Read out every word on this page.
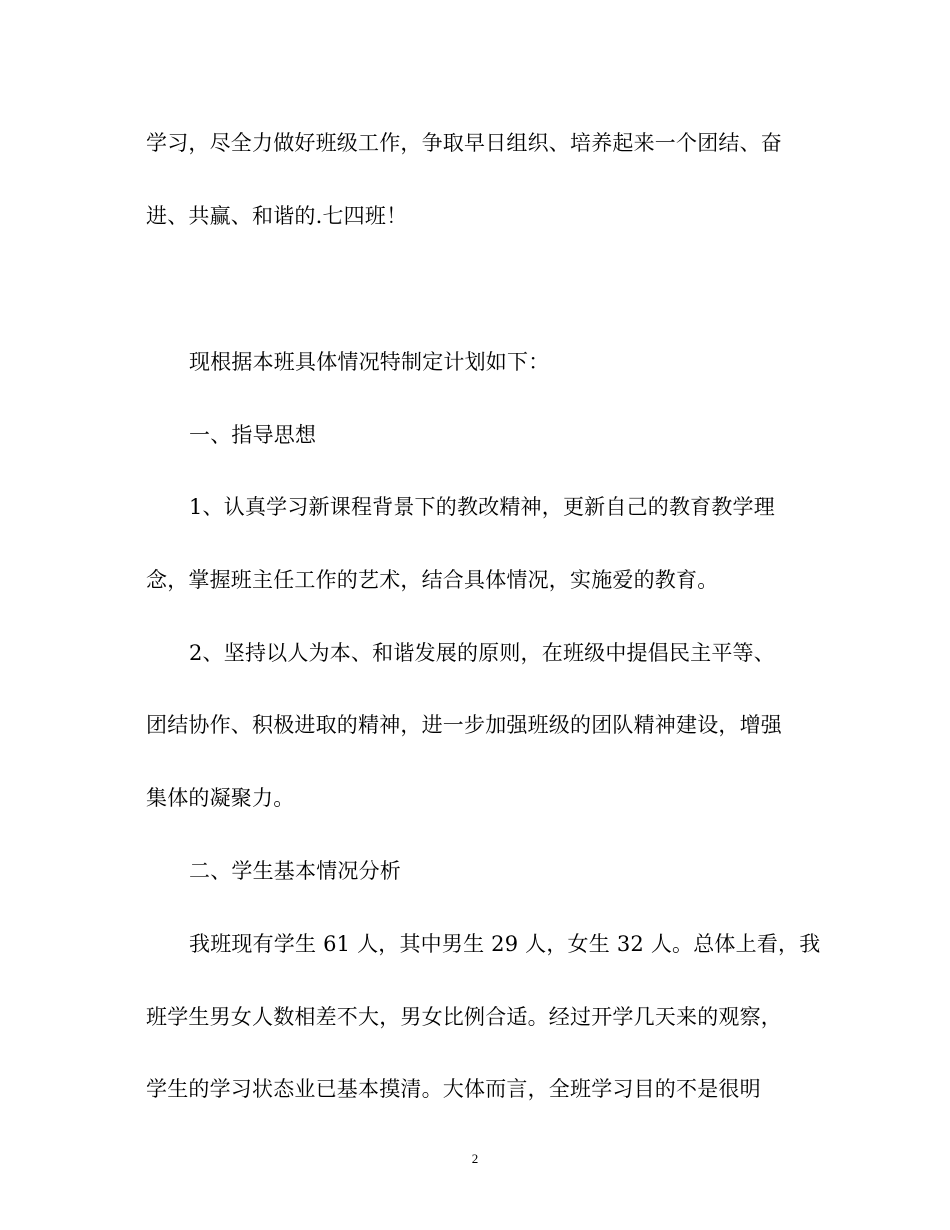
学习，尽全力做好班级工作，争取早日组织、培养起来一个团结、奋
进、共赢、和谐的.七四班！
现根据本班具体情况特制定计划如下：
一、指导思想
1、认真学习新课程背景下的教改精神，更新自己的教育教学理
念，掌握班主任工作的艺术，结合具体情况，实施爱的教育。
2、坚持以人为本、和谐发展的原则，在班级中提倡民主平等、
团结协作、积极进取的精神，进一步加强班级的团队精神建设，增强
集体的凝聚力。
二、学生基本情况分析
我班现有学生 61 人，其中男生 29 人，女生 32 人。总体上看，我
班学生男女人数相差不大，男女比例合适。经过开学几天来的观察，
学生的学习状态业已基本摸清。大体而言，全班学习目的不是很明
2
